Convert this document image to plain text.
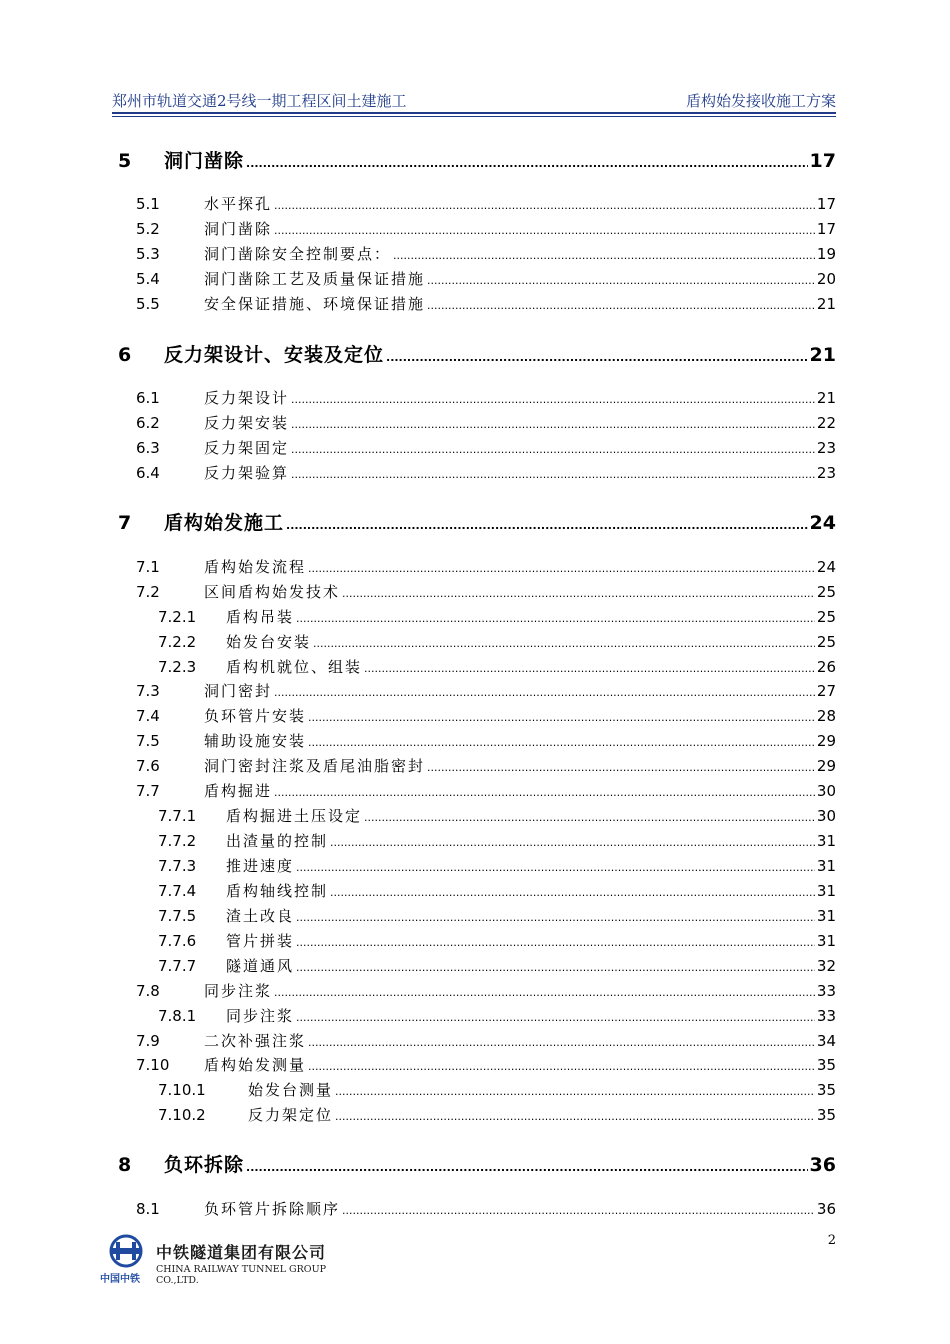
郑州市轨道交通2号线一期工程区间土建施工	盾构始发接收施工方案
5	洞门凿除 .....	17
5.1	水平探孔 .....	17
5.2	洞门凿除 .....	17
5.3	洞门凿除安全控制要点： .....	19
5.4	洞门凿除工艺及质量保证措施 .....	20
5.5	安全保证措施、环境保证措施 .....	21
6	反力架设计、安装及定位 .....	21
6.1	反力架设计 .....	21
6.2	反力架安装 .....	22
6.3	反力架固定 .....	23
6.4	反力架验算 .....	23
7	盾构始发施工 .....	24
7.1	盾构始发流程 .....	24
7.2	区间盾构始发技术 .....	25
7.2.1	盾构吊装 .....	25
7.2.2	始发台安装 .....	25
7.2.3	盾构机就位、组装 .....	26
7.3	洞门密封 .....	27
7.4	负环管片安装 .....	28
7.5	辅助设施安装 .....	29
7.6	洞门密封注浆及盾尾油脂密封 .....	29
7.7	盾构掘进 .....	30
7.7.1	盾构掘进土压设定 .....	30
7.7.2	出渣量的控制 .....	31
7.7.3	推进速度 .....	31
7.7.4	盾构轴线控制 .....	31
7.7.5	渣土改良 .....	31
7.7.6	管片拼装 .....	31
7.7.7	隧道通风 .....	32
7.8	同步注浆 .....	33
7.8.1	同步注浆 .....	33
7.9	二次补强注浆 .....	34
7.10	盾构始发测量 .....	35
7.10.1	始发台测量 .....	35
7.10.2	反力架定位 .....	35
8	负环拆除 .....	36
8.1	负环管片拆除顺序 .....	36
2
中国中铁
中铁隧道集团有限公司
CHINA RAILWAY TUNNEL GROUP CO.,LTD.
